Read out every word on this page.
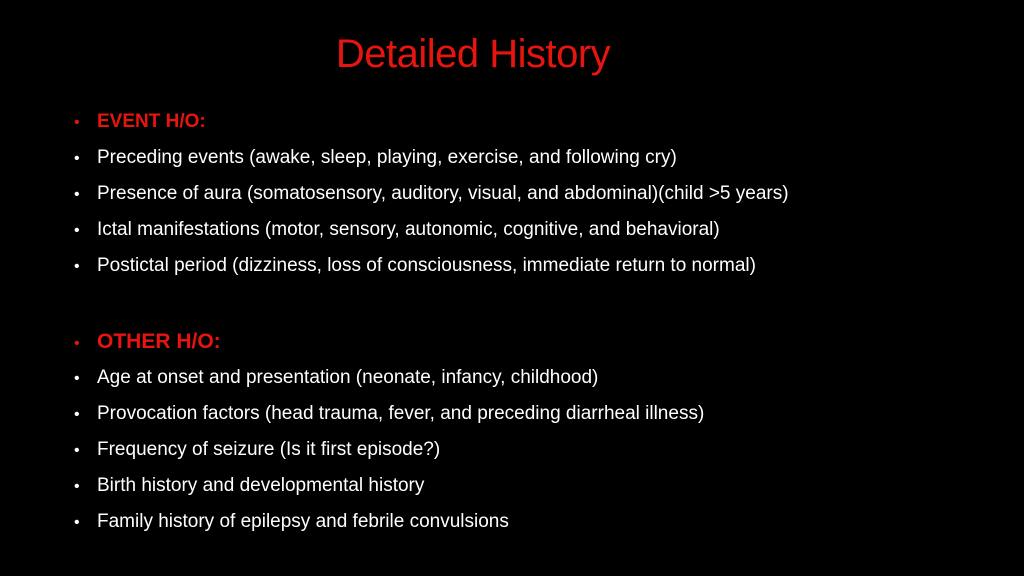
Detailed History
• EVENT H/O:
• Preceding events (awake, sleep, playing, exercise, and following cry)
• Presence of aura (somatosensory, auditory, visual, and abdominal)(child >5 years)
• Ictal manifestations (motor, sensory, autonomic, cognitive, and behavioral)
• Postictal period (dizziness, loss of consciousness, immediate return to normal)
• OTHER H/O:
• Age at onset and presentation (neonate, infancy, childhood)
• Provocation factors (head trauma, fever, and preceding diarrheal illness)
• Frequency of seizure (Is it first episode?)
• Birth history and developmental history
• Family history of epilepsy and febrile convulsions
